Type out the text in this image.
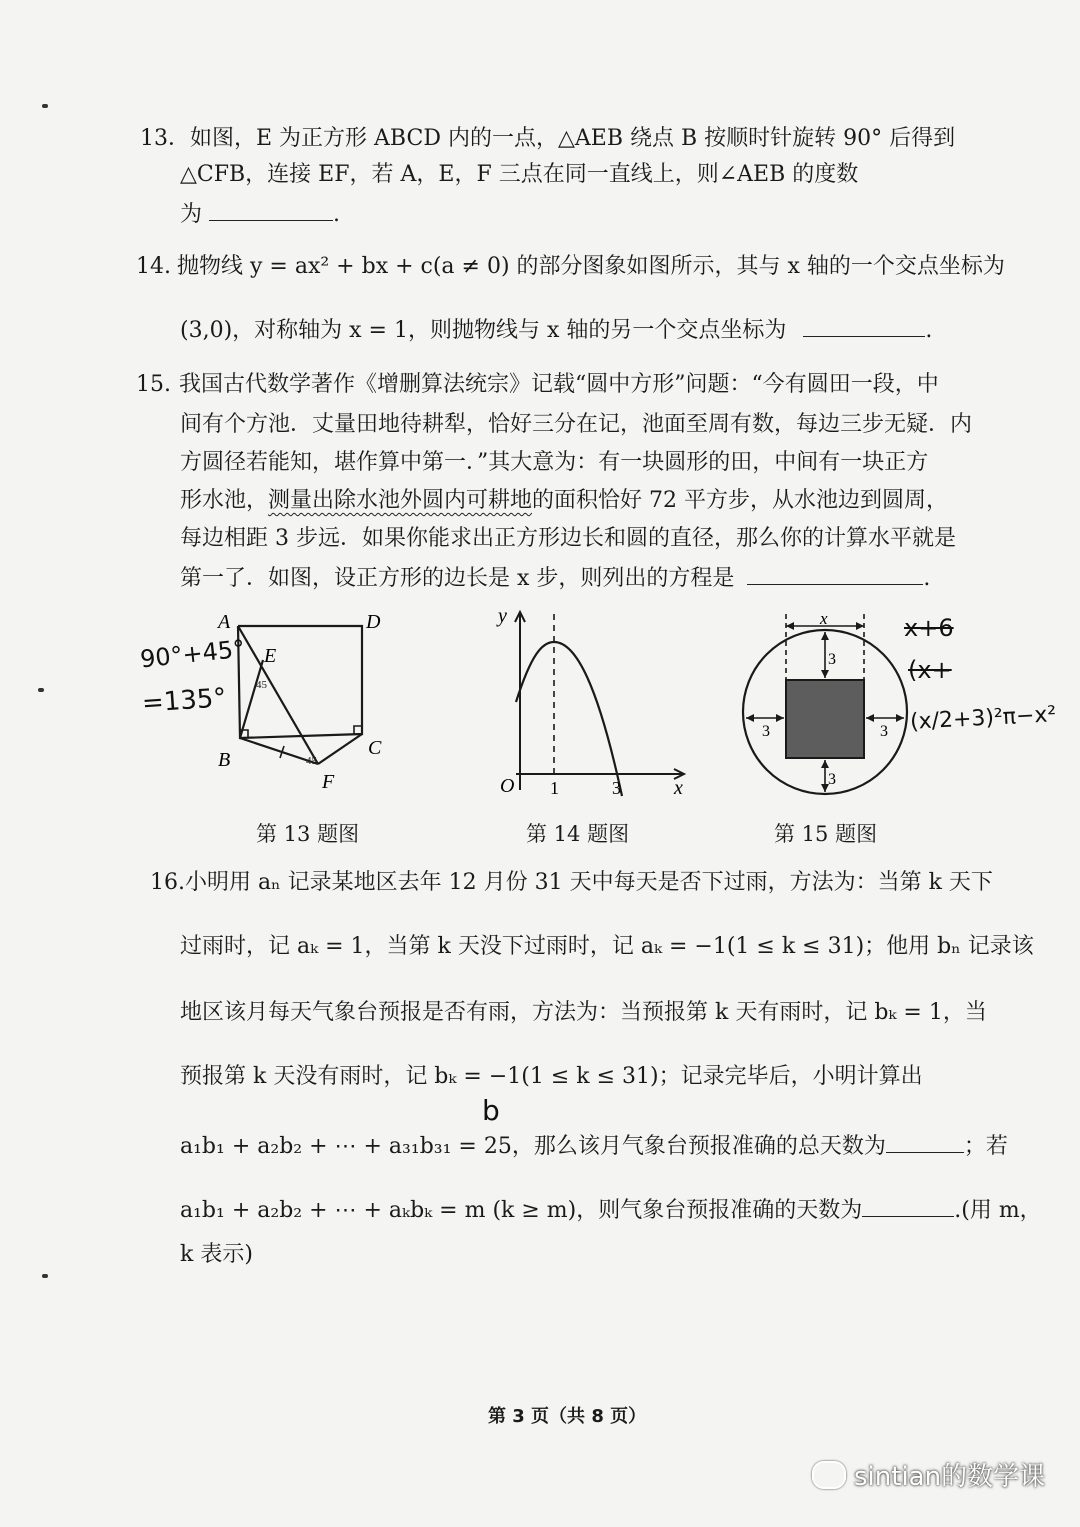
13．如图，E 为正方形 ABCD 内的一点，△AEB 绕点 B 按顺时针旋转 90° 后得到
△CFB，连接 EF，若 A，E，F 三点在同一直线上，则∠AEB 的度数
为	.
14. 抛物线 y = ax² + bx + c(a ≠ 0) 的部分图象如图所示，其与 x 轴的一个交点坐标为
(3,0)，对称轴为 x = 1，则抛物线与 x 轴的另一个交点坐标为	.
15. 我国古代数学著作《增删算法统宗》记载“圆中方形”问题：“今有圆田一段，中
间有个方池．丈量田地待耕犁，恰好三分在记，池面至周有数，每边三步无疑．内
方圆径若能知，堪作算中第一．”其大意为：有一块圆形的田，中间有一块正方
形水池，测量出除水池外圆内可耕地的面积恰好 72 平方步，从水池边到圆周，
每边相距 3 步远．如果你能求出正方形边长和圆的直径，那么你的计算水平就是
第一了．如图，设正方形的边长是 x 步，则列出的方程是	.
A	D
E
B
C
F
45
45
y
x
O 1	3
x
3
3	3
3
第 13 题图	第 14 题图	第 15 题图
90°+45°
=135°
x+6
(x+
(x/2+3)²π−x²
b
16.小明用 aₙ 记录某地区去年 12 月份 31 天中每天是否下过雨，方法为：当第 k 天下
过雨时，记 aₖ = 1，当第 k 天没下过雨时，记 aₖ = −1(1 ≤ k ≤ 31)；他用 bₙ 记录该
地区该月每天气象台预报是否有雨，方法为：当预报第 k 天有雨时，记 bₖ = 1，当
预报第 k 天没有雨时，记 bₖ = −1(1 ≤ k ≤ 31)；记录完毕后，小明计算出
a₁b₁ + a₂b₂ + ⋯ + a₃₁b₃₁ = 25，那么该月气象台预报准确的总天数为	；若
a₁b₁ + a₂b₂ + ⋯ + aₖbₖ = m (k ≥ m)，则气象台预报准确的天数为	.(用 m，
k 表示)
第 3 页（共 8 页）
sintian的数学课
